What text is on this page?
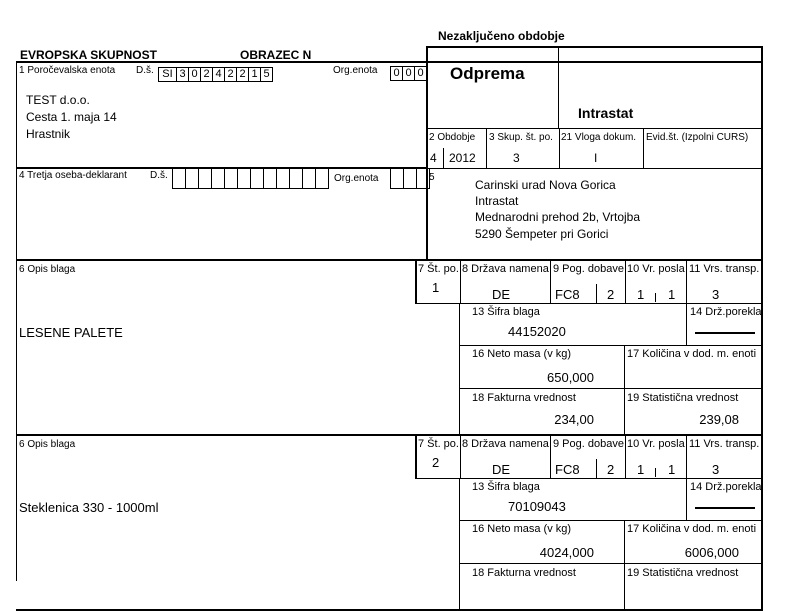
Nezaključeno obdobje
EVROPSKA SKUPNOST	OBRAZEC N
1 Poročevalska enota D.š. SI 3 0 2 4 2 2 1 5	Org.enota	0 0 0
TEST d.o.o.
Cesta 1. maja 14
Hrastnik
Odprema
Intrastat
2 Obdobje 3 Skup. št. po. 21 Vloga dokum. Evid.št. (Izpolni CURS)
4 2012	3	I
4 Tretja oseba-deklarant D.š.	Org.enota	5
Carinski urad Nova Gorica
Intrastat
Mednarodni prehod 2b, Vrtojba
5290 Šempeter pri Gorici
6 Opis blaga
LESENE PALETE
7 Št. po.
1
8 Država namena
DE
9 Pog. dobave
FC8 2
10 Vr. posla
1 1
11 Vrs. transp.
3
13 Šifra blaga
44152020
14 Drž.porekla
16 Neto masa (v kg)
650,000
17 Količina v dod. m. enoti
18 Fakturna vrednost
234,00
19 Statistična vrednost
239,08
6 Opis blaga
Steklenica 330 - 1000ml
7 Št. po.
2
8 Država namena
DE
9 Pog. dobave
FC8 2
10 Vr. posla
1 1
11 Vrs. transp.
3
13 Šifra blaga
70109043
14 Drž.porekla
16 Neto masa (v kg)
4024,000
17 Količina v dod. m. enoti
6006,000
18 Fakturna vrednost	19 Statistična vrednost
